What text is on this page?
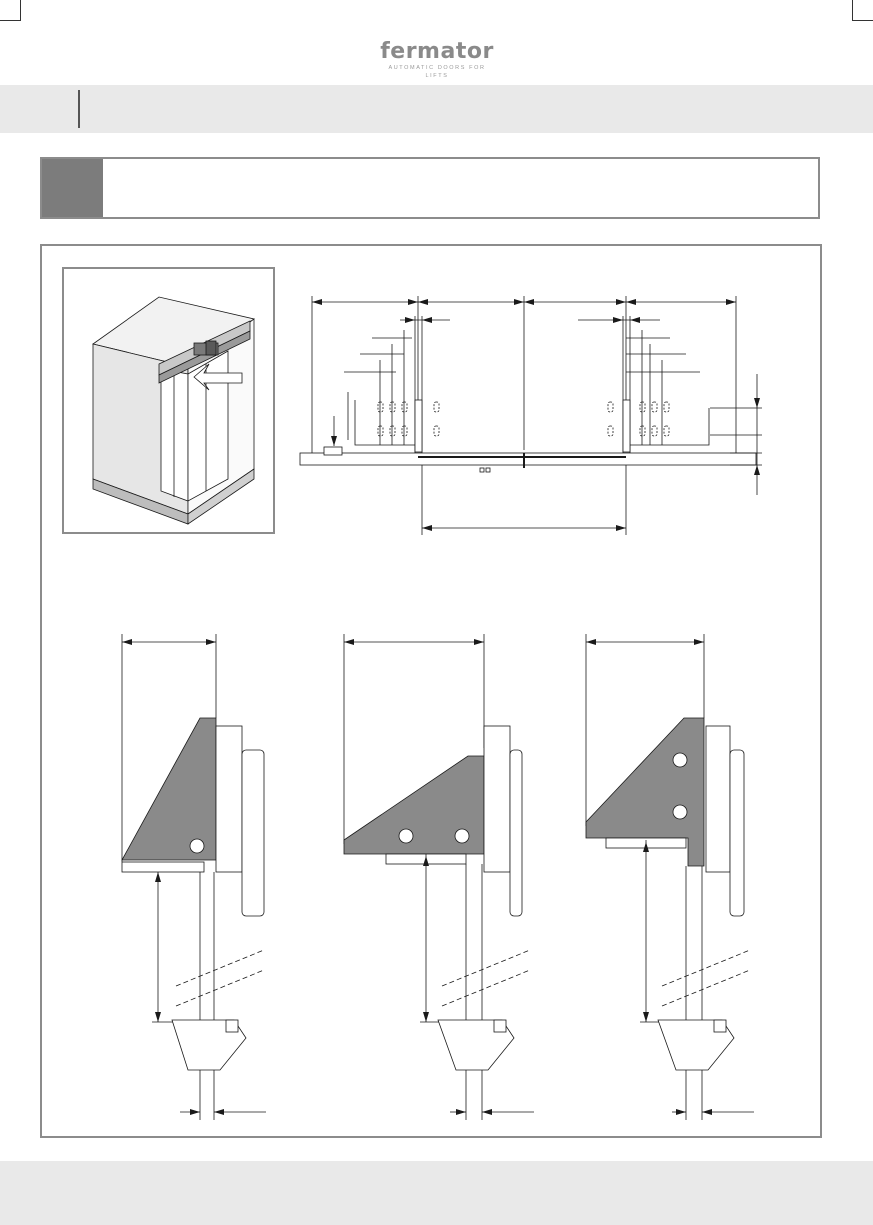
fermator
AUTOMATIC DOORS FOR LIFTS
